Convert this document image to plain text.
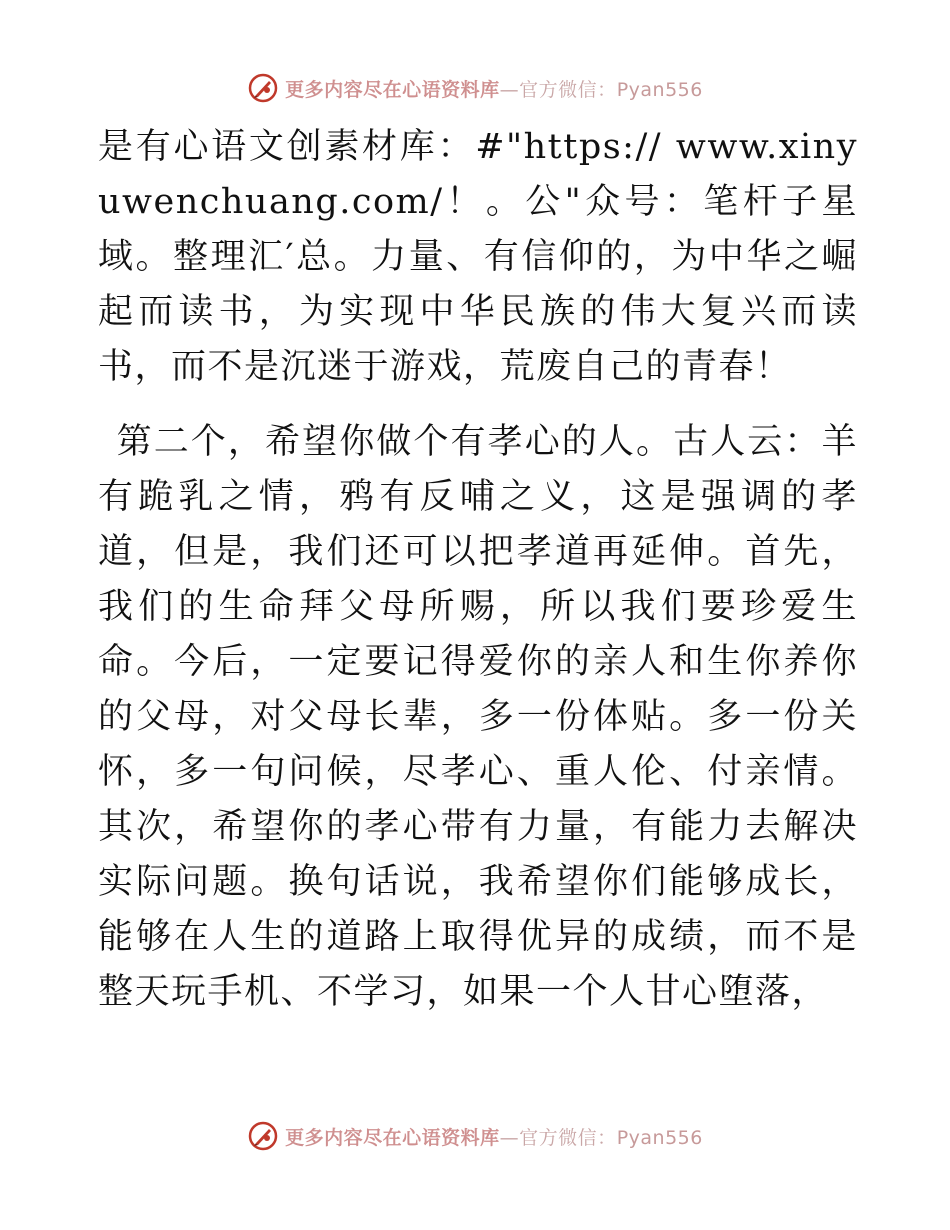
更多内容尽在心语资料库—官方微信：Pyan556

是有心语文创素材库：#"https:// www.xinyuwenchuang.com/！。公"众号：笔杆子星域。整理汇′总。力量、有信仰的，为中华之崛起而读书，为实现中华民族的伟大复兴而读书，而不是沉迷于游戏，荒废自己的青春！

第二个，希望你做个有孝心的人。古人云：羊有跪乳之情，鸦有反哺之义，这是强调的孝道，但是，我们还可以把孝道再延伸。首先，我们的生命拜父母所赐，所以我们要珍爱生命。今后，一定要记得爱你的亲人和生你养你的父母，对父母长辈，多一份体贴。多一份关怀，多一句问候，尽孝心、重人伦、付亲情。其次，希望你的孝心带有力量，有能力去解决实际问题。换句话说，我希望你们能够成长，能够在人生的道路上取得优异的成绩，而不是整天玩手机、不学习，如果一个人甘心堕落，

更多内容尽在心语资料库—官方微信：Pyan556
